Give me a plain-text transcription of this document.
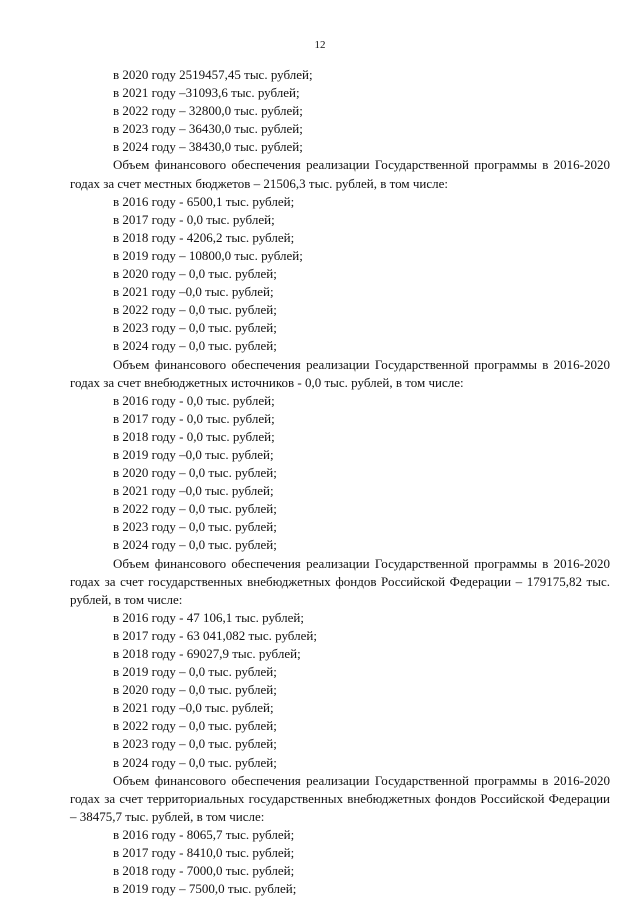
12
в 2020 году 2519457,45 тыс. рублей;
в 2021 году –31093,6 тыс. рублей;
в 2022 году – 32800,0 тыс. рублей;
в 2023 году – 36430,0 тыс. рублей;
в 2024 году – 38430,0 тыс. рублей;
Объем финансового обеспечения реализации Государственной программы в 2016-2020 годах за счет местных бюджетов – 21506,3 тыс. рублей, в том числе:
в 2016 году - 6500,1 тыс. рублей;
в 2017 году - 0,0 тыс. рублей;
в 2018 году - 4206,2 тыс. рублей;
в 2019 году – 10800,0 тыс. рублей;
в 2020 году – 0,0 тыс. рублей;
в 2021 году –0,0 тыс. рублей;
в 2022 году – 0,0 тыс. рублей;
в 2023 году – 0,0 тыс. рублей;
в 2024 году – 0,0 тыс. рублей;
Объем финансового обеспечения реализации Государственной программы в 2016-2020 годах за счет внебюджетных источников - 0,0 тыс. рублей, в том числе:
в 2016 году - 0,0 тыс. рублей;
в 2017 году - 0,0 тыс. рублей;
в 2018 году - 0,0 тыс. рублей;
в 2019 году –0,0 тыс. рублей;
в 2020 году – 0,0 тыс. рублей;
в 2021 году –0,0 тыс. рублей;
в 2022 году – 0,0 тыс. рублей;
в 2023 году – 0,0 тыс. рублей;
в 2024 году – 0,0 тыс. рублей;
Объем финансового обеспечения реализации Государственной программы в 2016-2020 годах за счет государственных внебюджетных фондов Российской Федерации – 179175,82 тыс. рублей, в том числе:
в 2016 году - 47 106,1 тыс. рублей;
в 2017 году - 63 041,082 тыс. рублей;
в 2018 году - 69027,9 тыс. рублей;
в 2019 году – 0,0 тыс. рублей;
в 2020 году – 0,0 тыс. рублей;
в 2021 году –0,0 тыс. рублей;
в 2022 году – 0,0 тыс. рублей;
в 2023 году – 0,0 тыс. рублей;
в 2024 году – 0,0 тыс. рублей;
Объем финансового обеспечения реализации Государственной программы в 2016-2020 годах за счет территориальных государственных внебюджетных фондов Российской Федерации – 38475,7 тыс. рублей, в том числе:
в 2016 году - 8065,7 тыс. рублей;
в 2017 году - 8410,0 тыс. рублей;
в 2018 году - 7000,0 тыс. рублей;
в 2019 году – 7500,0 тыс. рублей;
